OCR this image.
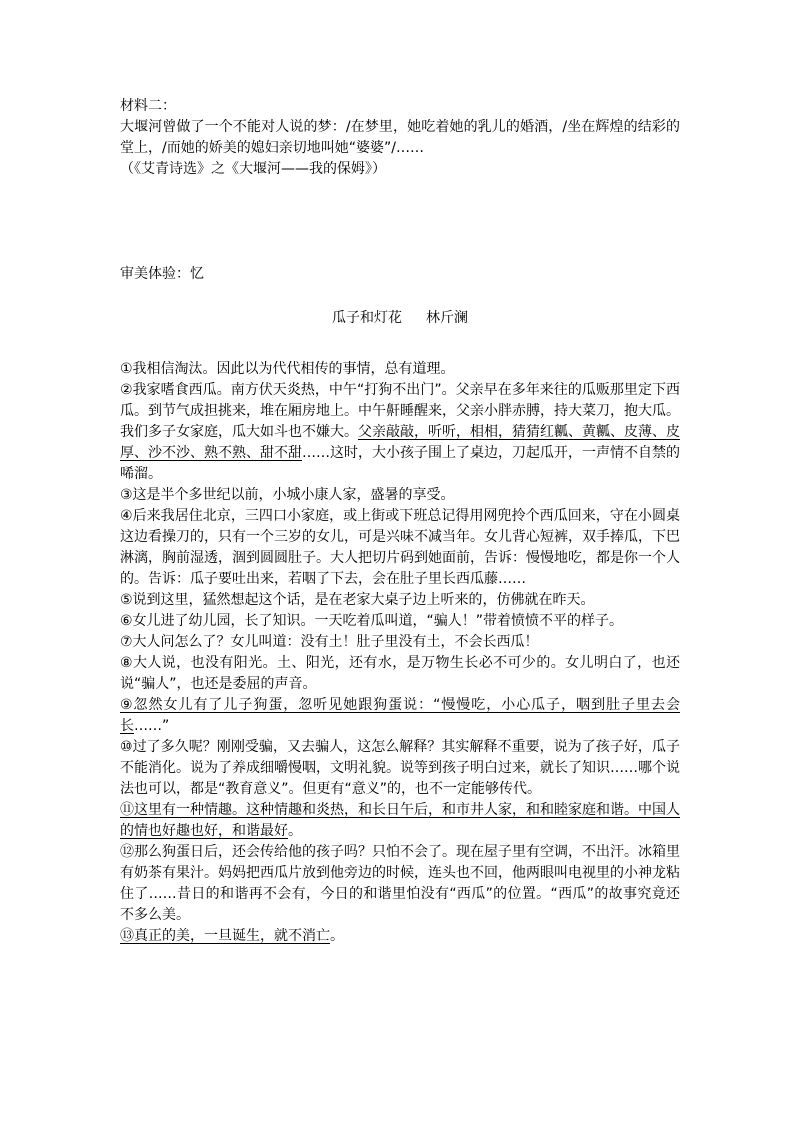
材料二：
大堰河曾做了一个不能对人说的梦：/在梦里，她吃着她的乳儿的婚酒，/坐在辉煌的结彩的堂上，/而她的娇美的媳妇亲切地叫她“婆婆”/……
（《艾青诗选》之《大堰河——我的保姆》）
审美体验：忆
瓜子和灯花 林斤澜
①我相信淘汰。因此以为代代相传的事情，总有道理。
②我家嗜食西瓜。南方伏天炎热，中午“打狗不出门”。父亲早在多年来往的瓜贩那里定下西瓜。到节气成担挑来，堆在厢房地上。中午鼾睡醒来，父亲小胖赤膊，持大菜刀，抱大瓜。我们多子女家庭，瓜大如斗也不嫌大。父亲敲敲，听听，相相，猜猜红瓤、黄瓤、皮薄、皮厚、沙不沙、熟不熟、甜不甜……这时，大小孩子围上了桌边，刀起瓜开，一声情不自禁的唏溜。
③这是半个多世纪以前，小城小康人家，盛暑的享受。
④后来我居住北京，三四口小家庭，或上街或下班总记得用网兜拎个西瓜回来，守在小圆桌这边看操刀的，只有一个三岁的女儿，可是兴味不减当年。女儿背心短裤，双手捧瓜，下巴淋漓，胸前湿透，涸到圆圆肚子。大人把切片码到她面前，告诉：慢慢地吃，都是你一个人的。告诉：瓜子要吐出来，若咽了下去，会在肚子里长西瓜藤……
⑤说到这里，猛然想起这个话，是在老家大桌子边上听来的，仿佛就在昨天。
⑥女儿进了幼儿园，长了知识。一天吃着瓜叫道，“骗人！”带着愤愤不平的样子。
⑦大人问怎么了？女儿叫道：没有土！肚子里没有土，不会长西瓜！
⑧大人说，也没有阳光。土、阳光，还有水，是万物生长必不可少的。女儿明白了，也还说“骗人”，也还是委屈的声音。
⑨忽然女儿有了儿子狗蛋，忽听见她跟狗蛋说：“慢慢吃，小心瓜子，咽到肚子里去会长……”
⑩过了多久呢？刚刚受骗，又去骗人，这怎么解释？其实解释不重要，说为了孩子好，瓜子不能消化。说为了养成细嚼慢咽，文明礼貌。说等到孩子明白过来，就长了知识……哪个说法也可以，都是“教育意义”。但更有“意义”的，也不一定能够传代。
⑪这里有一种情趣。这种情趣和炎热，和长日午后，和市井人家，和和睦家庭和谐。中国人的情也好趣也好，和谐最好。
⑫那么狗蛋日后，还会传给他的孩子吗？只怕不会了。现在屋子里有空调，不出汗。冰箱里有奶茶有果汁。妈妈把西瓜片放到他旁边的时候，连头也不回，他两眼叫电视里的小神龙粘住了……昔日的和谐再不会有，今日的和谐里怕没有“西瓜”的位置。“西瓜”的故事究竟还不多么美。
⑬真正的美，一旦诞生，就不消亡。
